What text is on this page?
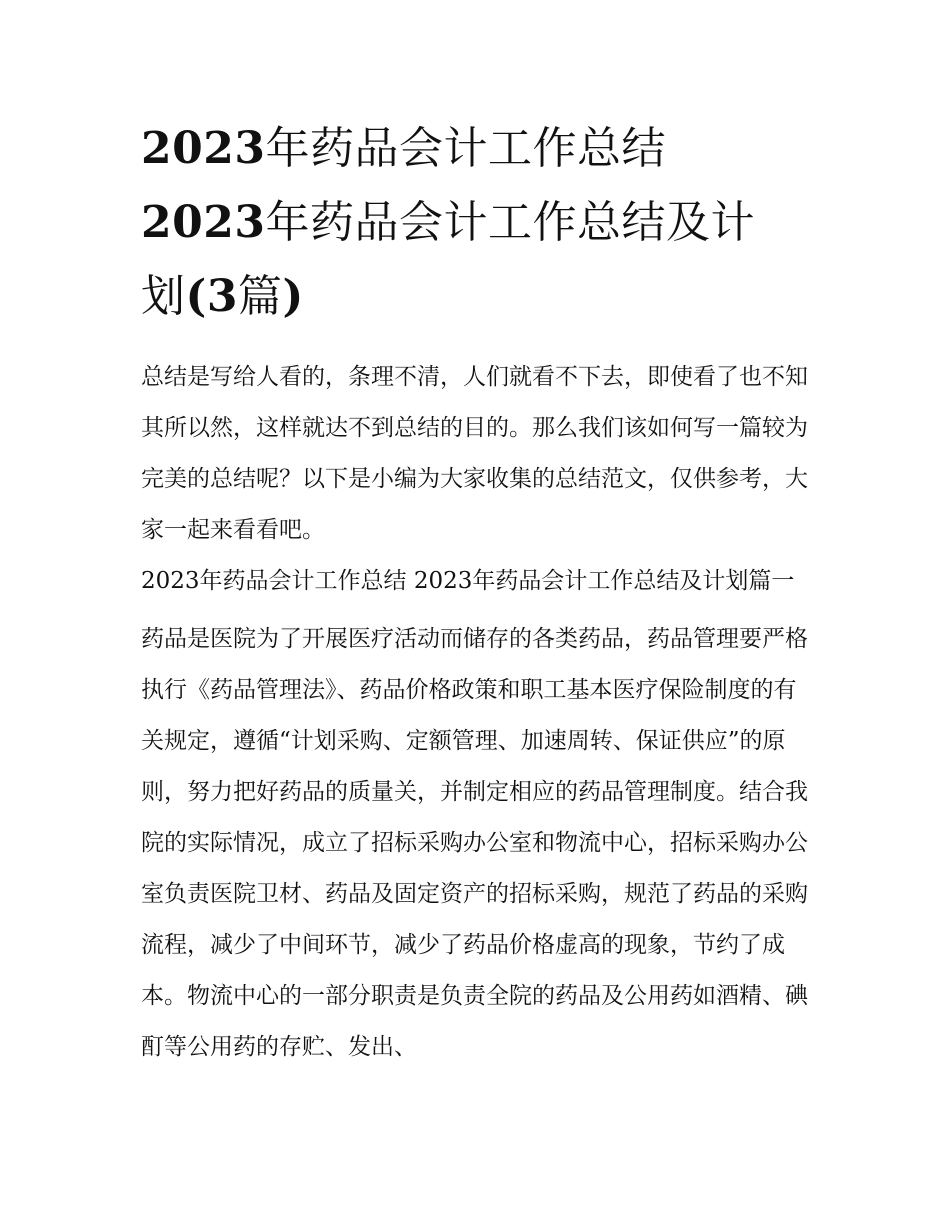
2023年药品会计工作总结
2023年药品会计工作总结及计
划(3篇)

总结是写给人看的，条理不清，人们就看不下去，即使看了也不知其所以然，这样就达不到总结的目的。那么我们该如何写一篇较为完美的总结呢？以下是小编为大家收集的总结范文，仅供参考，大家一起来看看吧。

2023年药品会计工作总结 2023年药品会计工作总结及计划篇一

药品是医院为了开展医疗活动而储存的各类药品，药品管理要严格执行《药品管理法》、药品价格政策和职工基本医疗保险制度的有关规定，遵循“计划采购、定额管理、加速周转、保证供应”的原则，努力把好药品的质量关，并制定相应的药品管理制度。结合我院的实际情况，成立了招标采购办公室和物流中心，招标采购办公室负责医院卫材、药品及固定资产的招标采购，规范了药品的采购流程，减少了中间环节，减少了药品价格虚高的现象，节约了成本。物流中心的一部分职责是负责全院的药品及公用药如酒精、碘酊等公用药的存贮、发出、
